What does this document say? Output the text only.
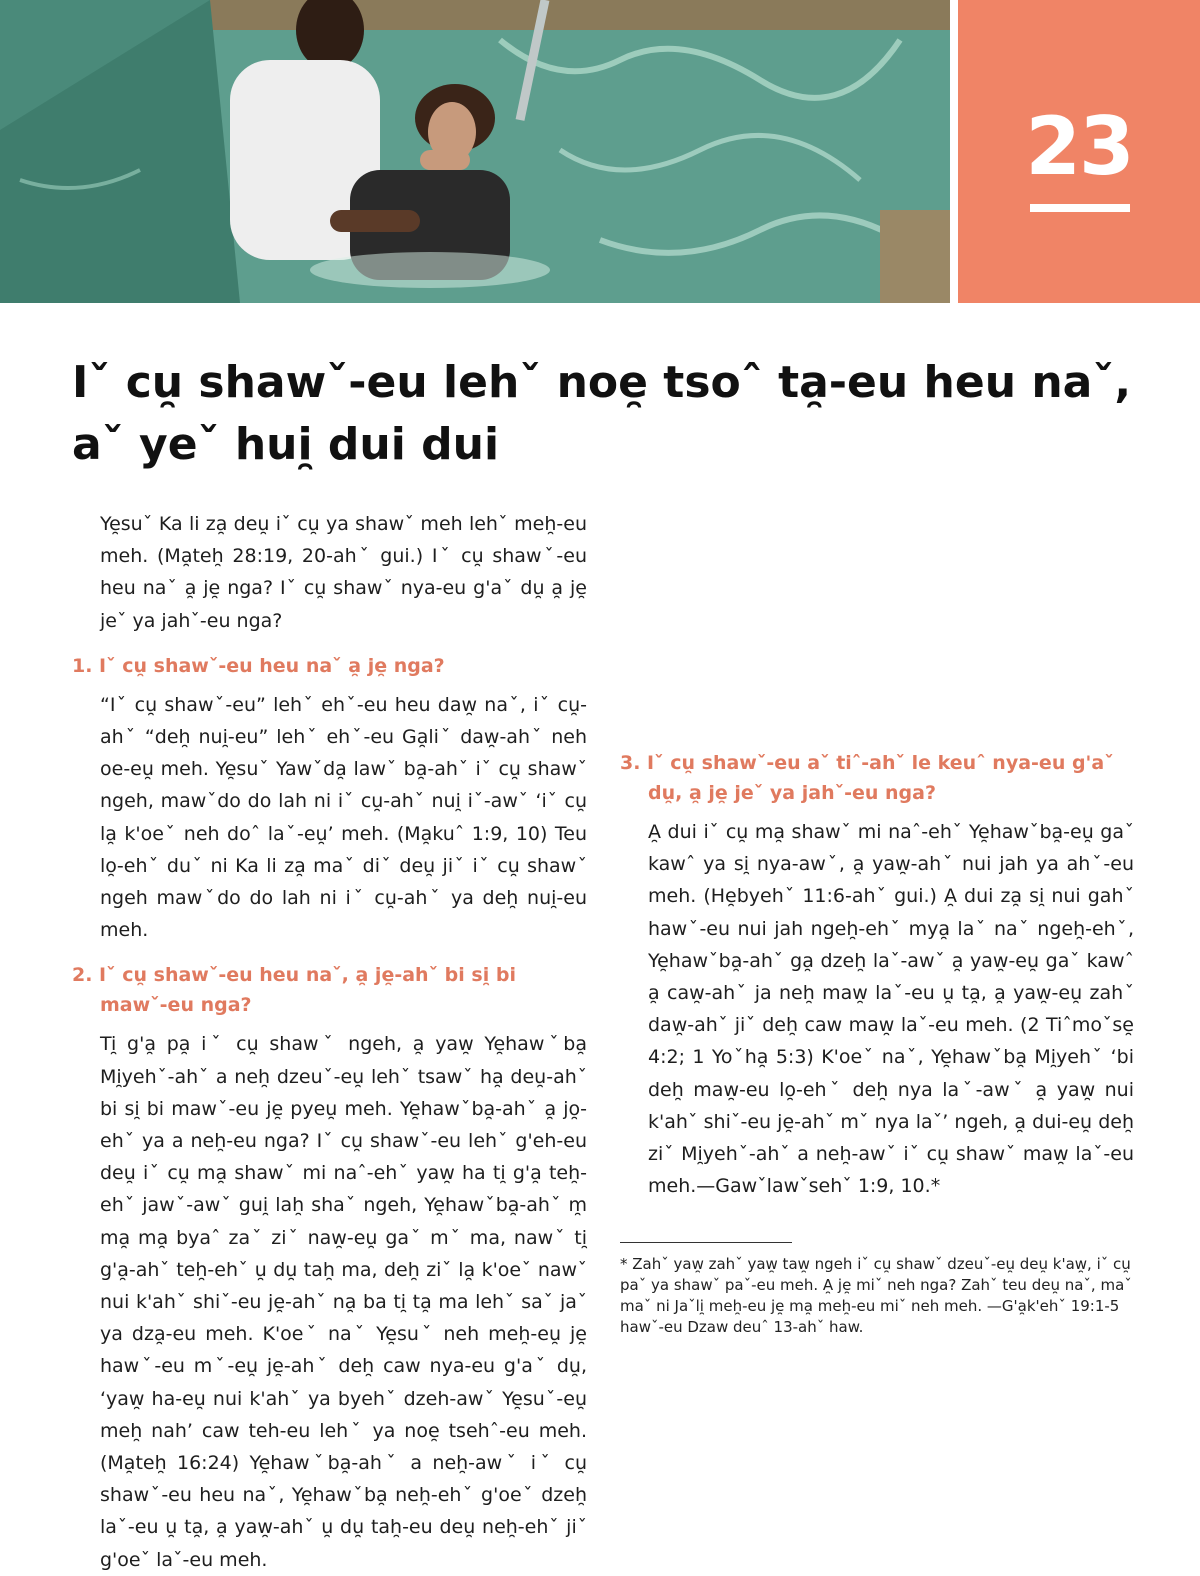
23
Iˇ cu̯ shawˇ-eu lehˇ noe̯ tsoˆ ta̯-eu heu naˇ, aˇ yeˇ hui̯ dui dui

Ye̯suˇ Ka li za̯ deu̯ iˇ cu̯ ya shawˇ meh lehˇ meh̯-eu meh. (Ma̯teh̯ 28:19, 20-ahˇ gui.) Iˇ cu̯ shawˇ-eu heu naˇ a̯ je̯ nga? Iˇ cu̯ shawˇ nya-eu g'aˇ du̯ a̯ je̯ jeˇ ya jahˇ-eu nga?

1. Iˇ cu̯ shawˇ-eu heu naˇ a̯ je̯ nga?

“Iˇ cu̯ shawˇ-eu” lehˇ ehˇ-eu heu daw̯ naˇ, iˇ cu̯-ahˇ “deh̯ nui̯-eu” lehˇ ehˇ-eu Ga̯liˇ daw̯-ahˇ neh oe-eu̯ meh. Ye̯suˇ Yawˇda̯ lawˇ ba̯-ahˇ iˇ cu̯ shawˇ ngeh, mawˇdo do lah ni iˇ cu̯-ahˇ nui̯ iˇ-awˇ ‘iˇ cu̯ la̯ k'oeˇ neh doˆ laˇ-eu̯’ meh. (Ma̯kuˆ 1:9, 10) Teu lo̯-ehˇ duˇ ni Ka li za̯ maˇ diˇ deu̯ jiˇ iˇ cu̯ shawˇ ngeh mawˇdo do lah ni iˇ cu̯-ahˇ ya deh̯ nui̯-eu meh.

2. Iˇ cu̯ shawˇ-eu heu naˇ, a̯ je̯-ahˇ bi si̯ bi mawˇ-eu nga?

Ti̯ g'a̯ pa̯ iˇ cu̯ shawˇ ngeh, a̯ yaw̯ Ye̯hawˇba̯ Mi̯yehˇ-ahˇ a neh̯ dzeuˇ-eu̯ lehˇ tsawˇ ha̯ deu̯-ahˇ bi si̯ bi mawˇ-eu je̯ pyeu̯ meh. Ye̯hawˇba̯-ahˇ a̯ jo̯-ehˇ ya a neh̯-eu nga? Iˇ cu̯ shawˇ-eu lehˇ g'eh-eu deu̯ iˇ cu̯ ma̯ shawˇ mi naˆ-ehˇ yaw̯ ha ti̯ g'a̯ teh̯-ehˇ jawˇ-awˇ gui̯ lah̯ shaˇ ngeh, Ye̯hawˇba̯-ahˇ m̯ ma̯ ma̯ byaˆ zaˇ ziˇ naw̯-eu̯ gaˇ mˇ ma, nawˇ ti̯ g'a̯-ahˇ teh̯-ehˇ u̯ du̯ tah̯ ma, deh̯ ziˇ la̯ k'oeˇ nawˇ nui k'ahˇ shiˇ-eu je̯-ahˇ na̯ ba ti̯ ta̯ ma lehˇ saˇ jaˇ ya dza̯-eu meh. K'oeˇ naˇ Ye̯suˇ neh meh̯-eu̯ je̯ hawˇ-eu mˇ-eu̯ je̯-ahˇ deh̯ caw nya-eu g'aˇ du̯, ‘yaw̯ ha-eu̯ nui k'ahˇ ya byehˇ dzeh-awˇ Ye̯suˇ-eu̯ meh̯ nah’ caw teh-eu lehˇ ya noe̯ tsehˆ-eu meh. (Ma̯teh̯ 16:24) Ye̯hawˇba̯-ahˇ a neh̯-awˇ iˇ cu̯ shawˇ-eu heu naˇ, Ye̯hawˇba̯ neh̯-ehˇ g'oeˇ dzeh̯ laˇ-eu u̯ ta̯, a̯ yaw̯-ahˇ u̯ du̯ tah̯-eu deu̯ neh̯-ehˇ jiˇ g'oeˇ laˇ-eu meh.

3. Iˇ cu̯ shawˇ-eu aˇ tiˆ-ahˇ le keuˆ nya-eu g'aˇ du̯, a̯ je̯ jeˇ ya jahˇ-eu nga?

A̯ dui iˇ cu̯ ma̯ shawˇ mi naˆ-ehˇ Ye̯hawˇba̯-eu̯ gaˇ kawˆ ya si̯ nya-awˇ, a̯ yaw̯-ahˇ nui jah ya ahˇ-eu meh. (He̯byehˇ 11:6-ahˇ gui.) A̯ dui za̯ si̯ nui gahˇ hawˇ-eu nui jah ngeh̯-ehˇ mya̯ laˇ naˇ ngeh̯-ehˇ, Ye̯hawˇba̯-ahˇ ga̯ dzeh̯ laˇ-awˇ a̯ yaw̯-eu̯ gaˇ kawˆ a̯ caw̯-ahˇ ja neh̯ maw̯ laˇ-eu u̯ ta̯, a̯ yaw̯-eu̯ zahˇ daw̯-ahˇ jiˇ deh̯ caw maw̯ laˇ-eu meh. (2 Tiˆmoˇse̯ 4:2; 1 Yoˇha̯ 5:3) K'oeˇ naˇ, Ye̯hawˇba̯ Mi̯yehˇ ‘bi deh̯ maw̯-eu lo̯-ehˇ deh̯ nya laˇ-awˇ a̯ yaw̯ nui k'ahˇ shiˇ-eu je̯-ahˇ mˇ nya laˇ’ ngeh, a̯ dui-eu̯ deh̯ ziˇ Mi̯yehˇ-ahˇ a neh̯-awˇ iˇ cu̯ shawˇ maw̯ laˇ-eu meh.—Gawˇlawˇsehˇ 1:9, 10.*

* Zahˇ yaw̯ zahˇ yaw̯ taw̯ ngeh iˇ cu̯ shawˇ dzeuˇ-eu̯ deu̯ k'aw̯, iˇ cu̯ paˇ ya shawˇ paˇ-eu meh. A̯ je̯ miˇ neh nga? Zahˇ teu deu̯ naˇ, maˇ maˇ ni Jaˇli̯ meh̯-eu je̯ ma̯ meh̯-eu miˇ neh meh. —G'a̯k'ehˇ 19:1-5 hawˇ-eu Dzaw deuˆ 13-ahˇ haw.
